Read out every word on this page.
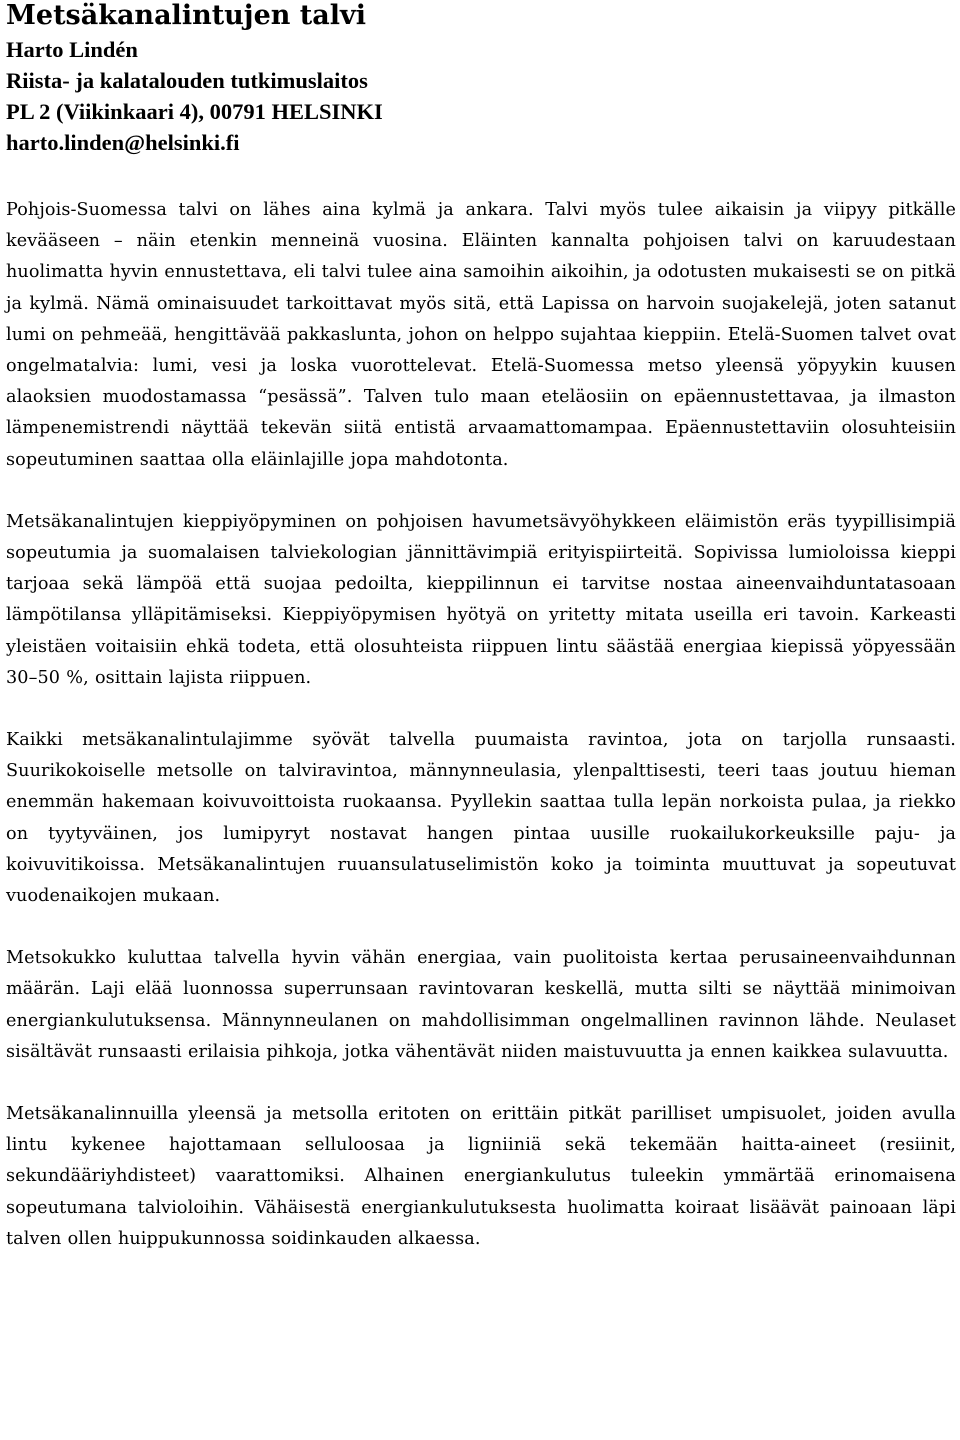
Metsäkanalintujen talvi
Harto Lindén
Riista- ja kalatalouden tutkimuslaitos
PL 2 (Viikinkaari 4), 00791 HELSINKI
harto.linden@helsinki.fi

Pohjois-Suomessa talvi on lähes aina kylmä ja ankara. Talvi myös tulee aikaisin ja viipyy pitkälle kevääseen – näin etenkin menneinä vuosina. Eläinten kannalta pohjoisen talvi on karuudestaan huolimatta hyvin ennustettava, eli talvi tulee aina samoihin aikoihin, ja odotusten mukaisesti se on pitkä ja kylmä. Nämä ominaisuudet tarkoittavat myös sitä, että Lapissa on harvoin suojakelejä, joten satanut lumi on pehmeää, hengittävää pakkaslunta, johon on helppo sujahtaa kieppiin. Etelä-Suomen talvet ovat ongelmatalvia: lumi, vesi ja loska vuorottelevat. Etelä-Suomessa metso yleensä yöpyykin kuusen alaoksien muodostamassa “pesässä”. Talven tulo maan eteläosiin on epäennustettavaa, ja ilmaston lämpenemistrendi näyttää tekevän siitä entistä arvaamattomampaa. Epäennustettaviin olosuhteisiin sopeutuminen saattaa olla eläinlajille jopa mahdotonta.

Metsäkanalintujen kieppiyöpyminen on pohjoisen havumetsävyöhykkeen eläimistön eräs tyypillisimpiä sopeutumia ja suomalaisen talviekologian jännittävimpiä erityispiirteitä. Sopivissa lumioloissa kieppi tarjoaa sekä lämpöä että suojaa pedoilta, kieppilinnun ei tarvitse nostaa aineenvaihduntatasoaan lämpötilansa ylläpitämiseksi. Kieppiyöpymisen hyötyä on yritetty mitata useilla eri tavoin. Karkeasti yleistäen voitaisiin ehkä todeta, että olosuhteista riippuen lintu säästää energiaa kiepissä yöpyessään 30–50 %, osittain lajista riippuen.

Kaikki metsäkanalintulajimme syövät talvella puumaista ravintoa, jota on tarjolla runsaasti. Suurikokoiselle metsolle on talviravintoa, männynneulasia, ylenpalttisesti, teeri taas joutuu hieman enemmän hakemaan koivuvoittoista ruokaansa. Pyyllekin saattaa tulla lepän norkoista pulaa, ja riekko on tyytyväinen, jos lumipyryt nostavat hangen pintaa uusille ruokailukorkeuksille paju- ja koivuvitikoissa. Metsäkanalintujen ruuansulatuselimistön koko ja toiminta muuttuvat ja sopeutuvat vuodenaikojen mukaan.

Metsokukko kuluttaa talvella hyvin vähän energiaa, vain puolitoista kertaa perusaineenvaihdunnan määrän. Laji elää luonnossa superrunsaan ravintovaran keskellä, mutta silti se näyttää minimoivan energiankulutuksensa. Männynneulanen on mahdollisimman ongelmallinen ravinnon lähde. Neulaset sisältävät runsaasti erilaisia pihkoja, jotka vähentävät niiden maistuvuutta ja ennen kaikkea sulavuutta.

Metsäkanalinnuilla yleensä ja metsolla eritoten on erittäin pitkät parilliset umpisuolet, joiden avulla lintu kykenee hajottamaan selluloosaa ja ligniiniä sekä tekemään haitta-aineet (resiinit, sekundääriyhdisteet) vaarattomiksi. Alhainen energiankulutus tuleekin ymmärtää erinomaisena sopeutumana talvioloihin. Vähäisestä energiankulutuksesta huolimatta koiraat lisäävät painoaan läpi talven ollen huippukunnossa soidinkauden alkaessa.
